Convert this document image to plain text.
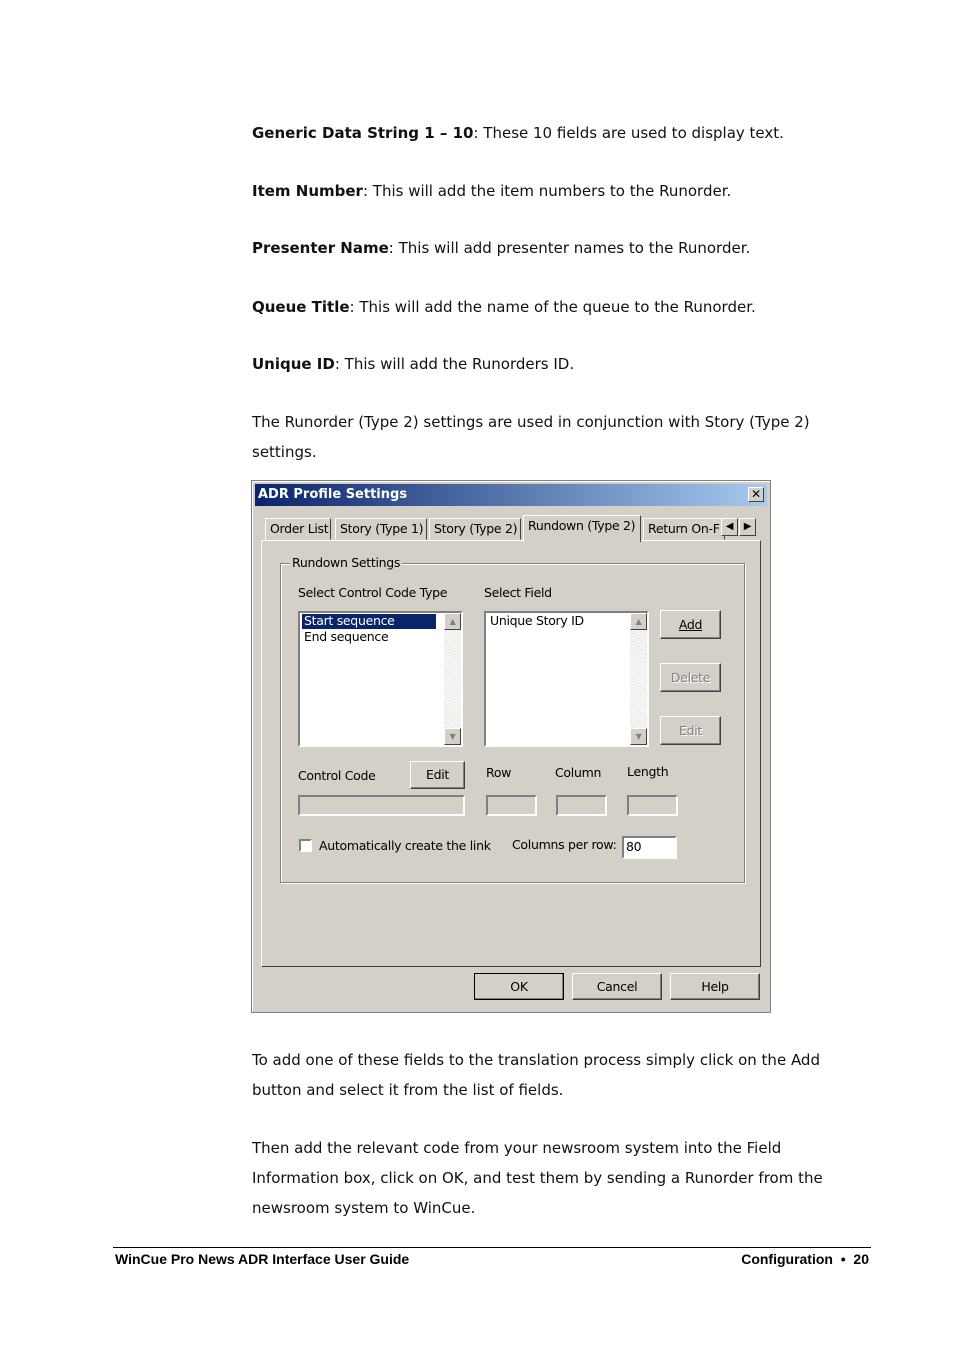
Generic Data String 1 – 10: These 10 fields are used to display text.
Item Number: This will add the item numbers to the Runorder.
Presenter Name: This will add presenter names to the Runorder.
Queue Title: This will add the name of the queue to the Runorder.
Unique ID: This will add the Runorders ID.
The Runorder (Type 2) settings are used in conjunction with Story (Type 2) settings.
ADR Profile Settings	✕
Order List Story (Type 1) Story (Type 2) Rundown (Type 2)	Return On-F ◀	▶
Rundown Settings
Select Control Code Type	Select Field
Start sequence
End sequence
▲
▼
Unique Story ID	▲
▼
Add
Delete
Edit
Control Code	Edit	Row	Column Length
Automatically create the link Columns per row: 80
OK	Cancel	Help
To add one of these fields to the translation process simply click on the Add button and select it from the list of fields.
Then add the relevant code from your newsroom system into the Field Information box, click on OK, and test them by sending a Runorder from the newsroom system to WinCue.
WinCue Pro News ADR Interface User Guide	Configuration  •  20
